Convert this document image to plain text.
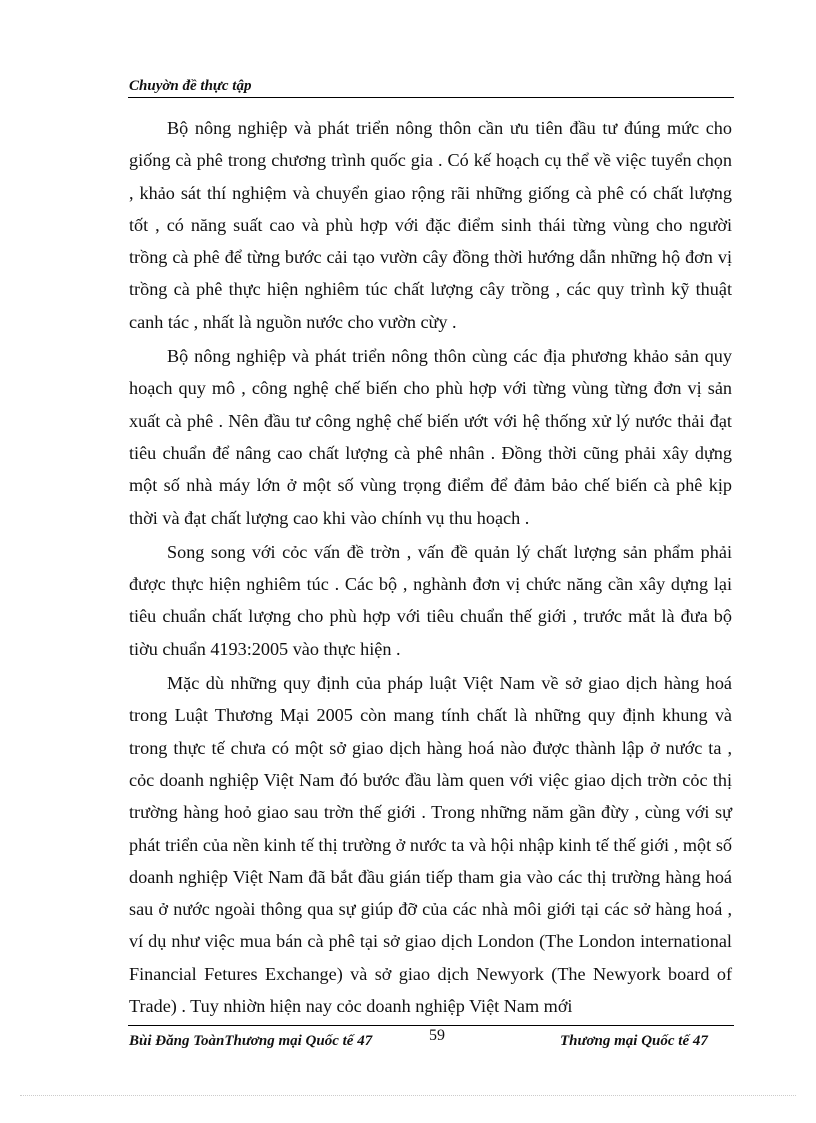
Chuyờn đề thực tập

Bộ nông nghiệp và phát triển nông thôn cần ưu tiên đầu tư đúng mức cho giống cà phê trong chương trình quốc gia . Có kế hoạch cụ thể về việc tuyển chọn , khảo sát thí nghiệm và chuyển giao rộng rãi những giống cà phê có chất lượng tốt , có năng suất cao và phù hợp với đặc điểm sinh thái từng vùng cho người trồng cà phê để từng bước cải tạo vườn cây đồng thời hướng dẫn những hộ đơn vị trồng cà phê thực hiện nghiêm túc chất lượng cây trồng , các quy trình kỹ thuật canh tác , nhất là nguồn nước cho vườn cừy .

Bộ nông nghiệp và phát triển nông thôn cùng các địa phương khảo sản quy hoạch quy mô , công nghệ chế biến cho phù hợp với từng vùng từng đơn vị sản xuất cà phê . Nên đầu tư công nghệ chế biến ướt với hệ thống xử lý nước thải đạt tiêu chuẩn để nâng cao chất lượng cà phê nhân . Đồng thời cũng phải xây dựng một số nhà máy lớn ở một số vùng trọng điểm để đảm bảo chế biến cà phê kịp thời và đạt chất lượng cao khi vào chính vụ thu hoạch .

Song song với cỏc vấn đề trờn , vấn đề quản lý chất lượng sản phẩm phải được thực hiện nghiêm túc . Các bộ , nghành đơn vị chức năng cần xây dựng lại tiêu chuẩn chất lượng cho phù hợp với tiêu chuẩn thế giới , trước mắt là đưa bộ tiờu chuẩn 4193:2005 vào thực hiện .

Mặc dù những quy định của pháp luật Việt Nam về sở giao dịch hàng hoá trong Luật Thương Mại 2005 còn mang tính chất là những quy định khung và trong thực tế chưa có một sở giao dịch hàng hoá nào được thành lập ở nước ta , cỏc doanh nghiệp Việt Nam đó bước đầu làm quen với việc giao dịch trờn cỏc thị trường hàng hoỏ giao sau trờn thế giới . Trong những năm gần đừy , cùng với sự phát triển của nền kinh tế thị trường ở nước ta và hội nhập kinh tế thế giới , một số doanh nghiệp Việt Nam đã bắt đầu gián tiếp tham gia vào các thị trường hàng hoá sau ở nước ngoài thông qua sự giúp đỡ của các nhà môi giới tại các sở hàng hoá , ví dụ như việc mua bán cà phê tại sở giao dịch London (The London international Financial Fetures Exchange) và sở giao dịch Newyork (The Newyork board of Trade) . Tuy nhiờn hiện nay cỏc doanh nghiệp Việt Nam mới

Bùi Đăng ToànThương mại Quốc tế 47	59	Thương mại Quốc tế 47
